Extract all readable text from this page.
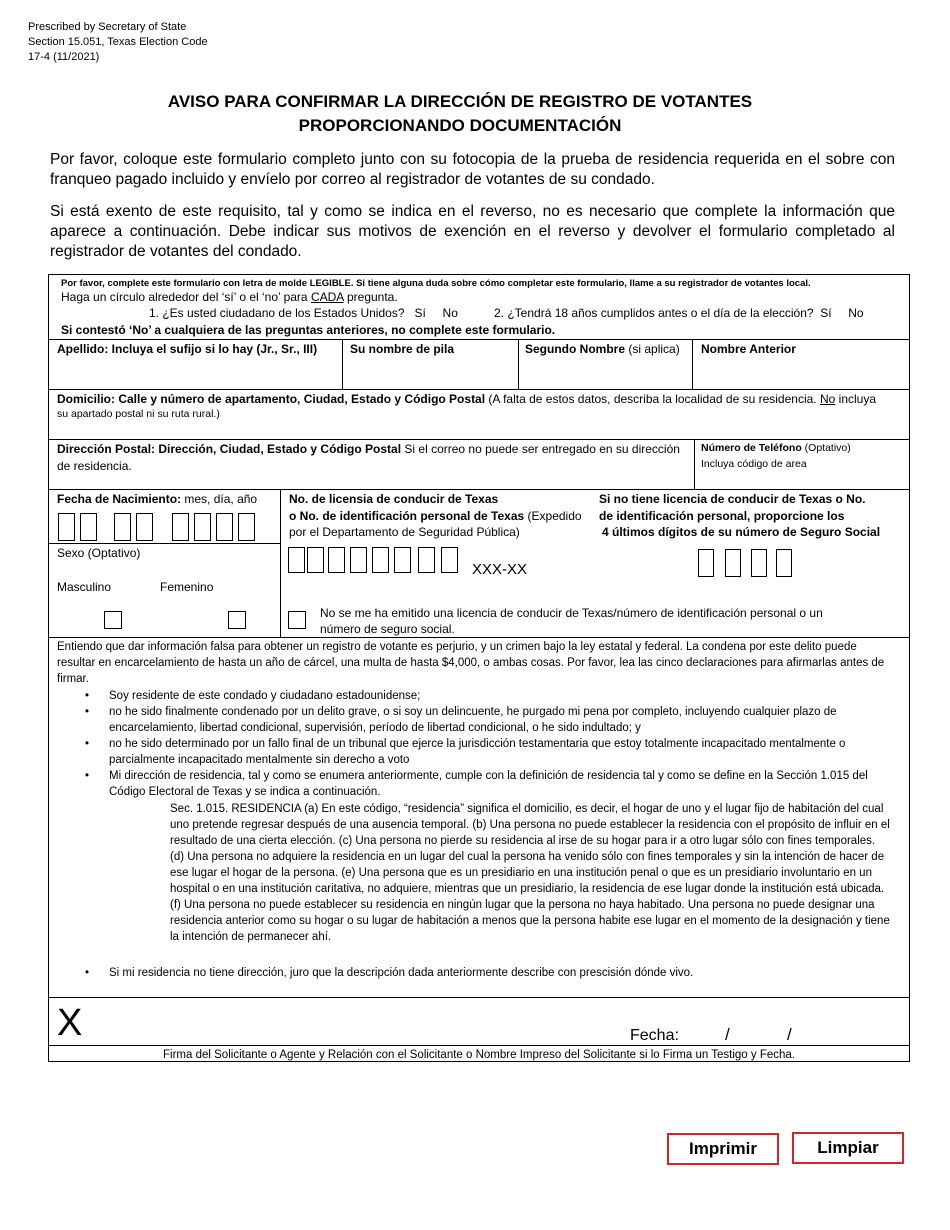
Prescribed by Secretary of State
Section 15.051, Texas Election Code
17-4 (11/2021)
AVISO PARA CONFIRMAR LA DIRECCIÓN DE REGISTRO DE VOTANTES
PROPORCIONANDO DOCUMENTACIÓN
Por favor, coloque este formulario completo junto con su fotocopia de la prueba de residencia requerida en el sobre con franqueo pagado incluido y envíelo por correo al registrador de votantes de su condado.
Si está exento de este requisito, tal y como se indica en el reverso, no es necesario que complete la información que aparece a continuación. Debe indicar sus motivos de exención en el reverso y devolver el formulario completado al registrador de votantes del condado.
Por favor, complete este formulario con letra de molde LEGIBLE. Si tiene alguna duda sobre cómo completar este formulario, llame a su registrador de votantes local.
Haga un círculo alrededor del ‘sí’ o el ‘no’ para CADA pregunta.
1. ¿Es usted ciudadano de los Estados Unidos? Sí No	2. ¿Tendrá 18 años cumplidos antes o el día de la elección? Sí No
Si contestó ‘No’ a cualquiera de las preguntas anteriores, no complete este formulario.
Apellido: Incluya el sufijo si lo hay (Jr., Sr., III)	Su nombre de pila	Segundo Nombre (si aplica) Nombre Anterior
Domicilio: Calle y número de apartamento, Ciudad, Estado y Código Postal (A falta de estos datos, describa la localidad de su residencia. No incluya
su apartado postal ni su ruta rural.)
Dirección Postal: Dirección, Ciudad, Estado y Código Postal Si el correo no puede ser entregado en su dirección
de residencia.
Número de Teléfono (Optativo)
Incluya código de area
Fecha de Nacimiento: mes, día, año
Sexo (Optativo)
Masculino	Femenino
No. de licensia de conducir de Texas
o No. de identificación personal de Texas (Expedido
por el Departamento de Seguridad Pública)
Si no tiene licencia de conducir de Texas o No.
de identificación personal, proporcione los
4 últimos dígitos de su número de Seguro Social
XXX-XX
No se me ha emitido una licencia de conducir de Texas/número de identificación personal o un
número de seguro social.
Entiendo que dar información falsa para obtener un registro de votante es perjurio, y un crimen bajo la ley estatal y federal. La condena por este delito puede resultar en encarcelamiento de hasta un año de cárcel, una multa de hasta $4,000, o ambas cosas. Por favor, lea las cinco declaraciones para afirmarlas antes de firmar.
• Soy residente de este condado y ciudadano estadounidense;
• no he sido finalmente condenado por un delito grave, o si soy un delincuente, he purgado mi pena por completo, incluyendo cualquier plazo de encarcelamiento, libertad condicional, supervisión, período de libertad condicional, o he sido indultado; y
• no he sido determinado por un fallo final de un tribunal que ejerce la jurisdicción testamentaria que estoy totalmente incapacitado mentalmente o parcialmente incapacitado mentalmente sin derecho a voto
• Mi dirección de residencia, tal y como se enumera anteriormente, cumple con la definición de residencia tal y como se define en la Sección 1.015 del Código Electoral de Texas y se indica a continuación.
Sec. 1.015. RESIDENCIA (a) En este código, “residencia” significa el domicilio, es decir, el hogar de uno y el lugar fijo de habitación del cual uno pretende regresar después de una ausencia temporal. (b) Una persona no puede establecer la residencia con el propósito de influir en el resultado de una cierta elección. (c) Una persona no pierde su residencia al irse de su hogar para ir a otro lugar sólo con fines temporales. (d) Una persona no adquiere la residencia en un lugar del cual la persona ha venido sólo con fines temporales y sin la intención de hacer de ese lugar el hogar de la persona. (e) Una persona que es un presidiario en una institución penal o que es un presidiario involuntario en un hospital o en una institución caritativa, no adquiere, mientras que un presidiario, la residencia de ese lugar donde la institución está ubicada. (f) Una persona no puede establecer su residencia en ningún lugar que la persona no haya habitado. Una persona no puede designar una residencia anterior como su hogar o su lugar de habitación a menos que la persona habite ese lugar en el momento de la designación y tiene la intención de permanecer ahí.
• Si mi residencia no tiene dirección, juro que la descripción dada anteriormente describe con prescisión dónde vivo.
X	Fecha:	/	/
Firma del Solicitante o Agente y Relación con el Solicitante o Nombre Impreso del Solicitante si lo Firma un Testigo y Fecha.
Imprimir	Limpiar
